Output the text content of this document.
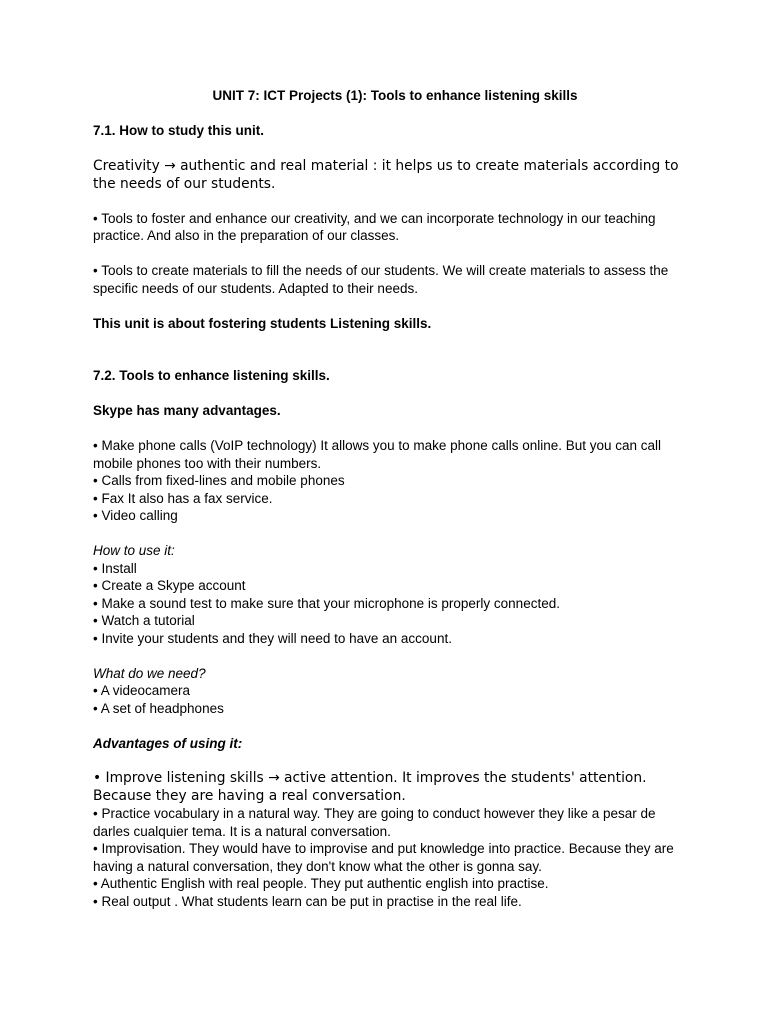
UNIT 7: ICT Projects (1): Tools to enhance listening skills
7.1. How to study this unit.
Creativity → authentic and real material : it helps us to create materials according to the needs of our students.
• Tools to foster and enhance our creativity, and we can incorporate technology in our teaching practice. And also in the preparation of our classes.
• Tools to create materials to fill the needs of our students. We will create materials to assess the specific needs of our students. Adapted to their needs.
This unit is about fostering students Listening skills.
7.2. Tools to enhance listening skills.
Skype has many advantages.
• Make phone calls (VoIP technology) It allows you to make phone calls online. But you can call mobile phones too with their numbers.
• Calls from fixed-lines and mobile phones
• Fax It also has a fax service.
• Video calling
How to use it:
• Install
• Create a Skype account
• Make a sound test to make sure that your microphone is properly connected.
• Watch a tutorial
• Invite your students and they will need to have an account.
What do we need?
• A videocamera
• A set of headphones
Advantages of using it:
• Improve listening skills → active attention. It improves the students' attention. Because they are having a real conversation.
• Practice vocabulary in a natural way. They are going to conduct however they like a pesar de darles cualquier tema. It is a natural conversation.
• Improvisation. They would have to improvise and put knowledge into practice. Because they are having a natural conversation, they don't know what the other is gonna say.
• Authentic English with real people. They put authentic english into practise.
• Real output . What students learn can be put in practise in the real life.
